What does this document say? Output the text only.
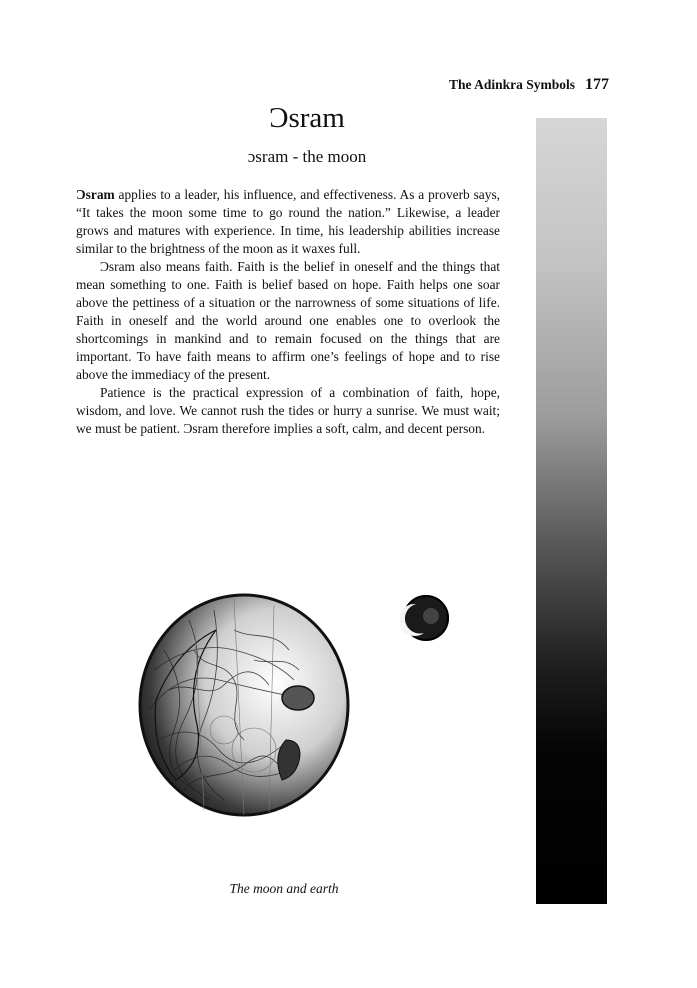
The Adinkra Symbols 177
Ɔsram
ɔsram - the moon

Ɔsram applies to a leader, his influence, and effectiveness. As a proverb says, “It takes the moon some time to go round the nation.” Likewise, a leader grows and matures with experience. In time, his leadership abilities increase similar to the brightness of the moon as it waxes full.

Ɔsram also means faith. Faith is the belief in oneself and the things that mean something to one. Faith is belief based on hope. Faith helps one soar above the pettiness of a situation or the narrowness of some situations of life. Faith in oneself and the world around one enables one to overlook the shortcomings in mankind and to remain focused on the things that are important. To have faith means to affirm one’s feelings of hope and to rise above the immediacy of the present.

Patience is the practical expression of a combination of faith, hope, wisdom, and love. We cannot rush the tides or hurry a sunrise. We must wait; we must be patient. Ɔsram therefore implies a soft, calm, and decent person.

The moon and earth
